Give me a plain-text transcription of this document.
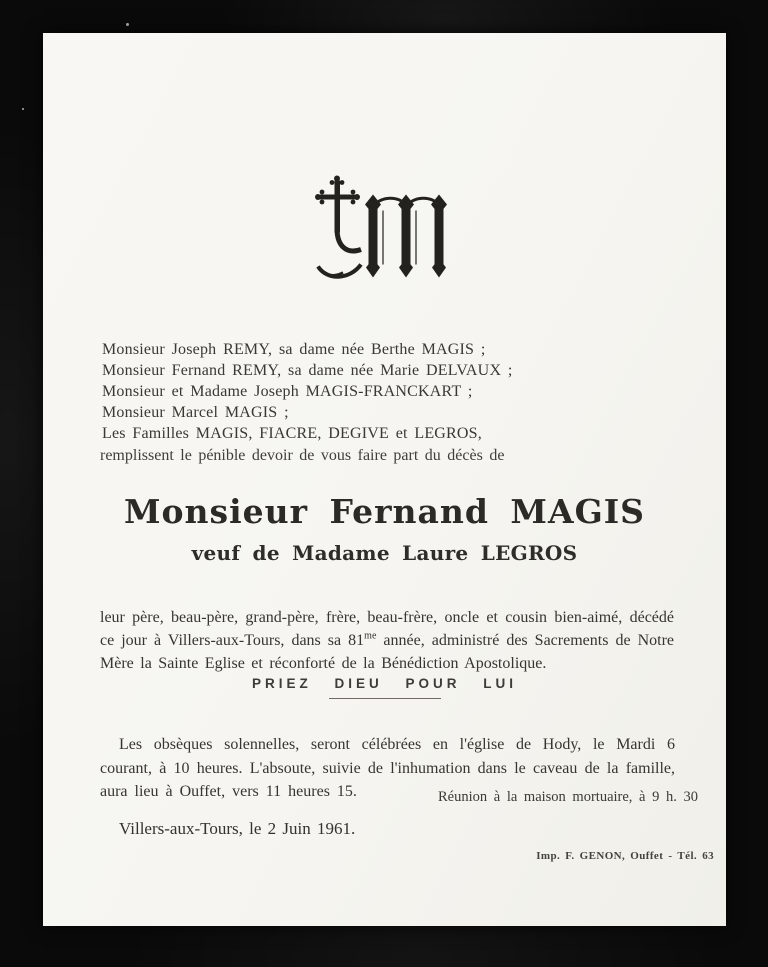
Monsieur Joseph REMY, sa dame née Berthe MAGIS ;
Monsieur Fernand REMY, sa dame née Marie DELVAUX ;
Monsieur et Madame Joseph MAGIS-FRANCKART ;
Monsieur Marcel MAGIS ;
Les Familles MAGIS, FIACRE, DEGIVE et LEGROS,
remplissent le pénible devoir de vous faire part du décès de
Monsieur Fernand MAGIS
veuf de Madame Laure LEGROS

leur père, beau-père, grand-père, frère, beau-frère, oncle et cousin bien-aimé, décédé ce jour à Villers-aux-Tours, dans sa $81^{me}$ année, administré des Sacrements de Notre Mère la Sainte Eglise et réconforté de la Bénédiction Apostolique.

PRIEZ DIEU POUR LUI

Les obsèques solennelles, seront célébrées en l'église de Hody, le Mardi 6 courant, à 10 heures. L'absoute, suivie de l'inhumation dans le caveau de la famille, aura lieu à Ouffet, vers 11 heures 15.	Réunion à la maison mortuaire, à 9 h. 30
Villers-aux-Tours, le 2 Juin 1961.
Imp. F. GENON, Ouffet - Tél. 63
